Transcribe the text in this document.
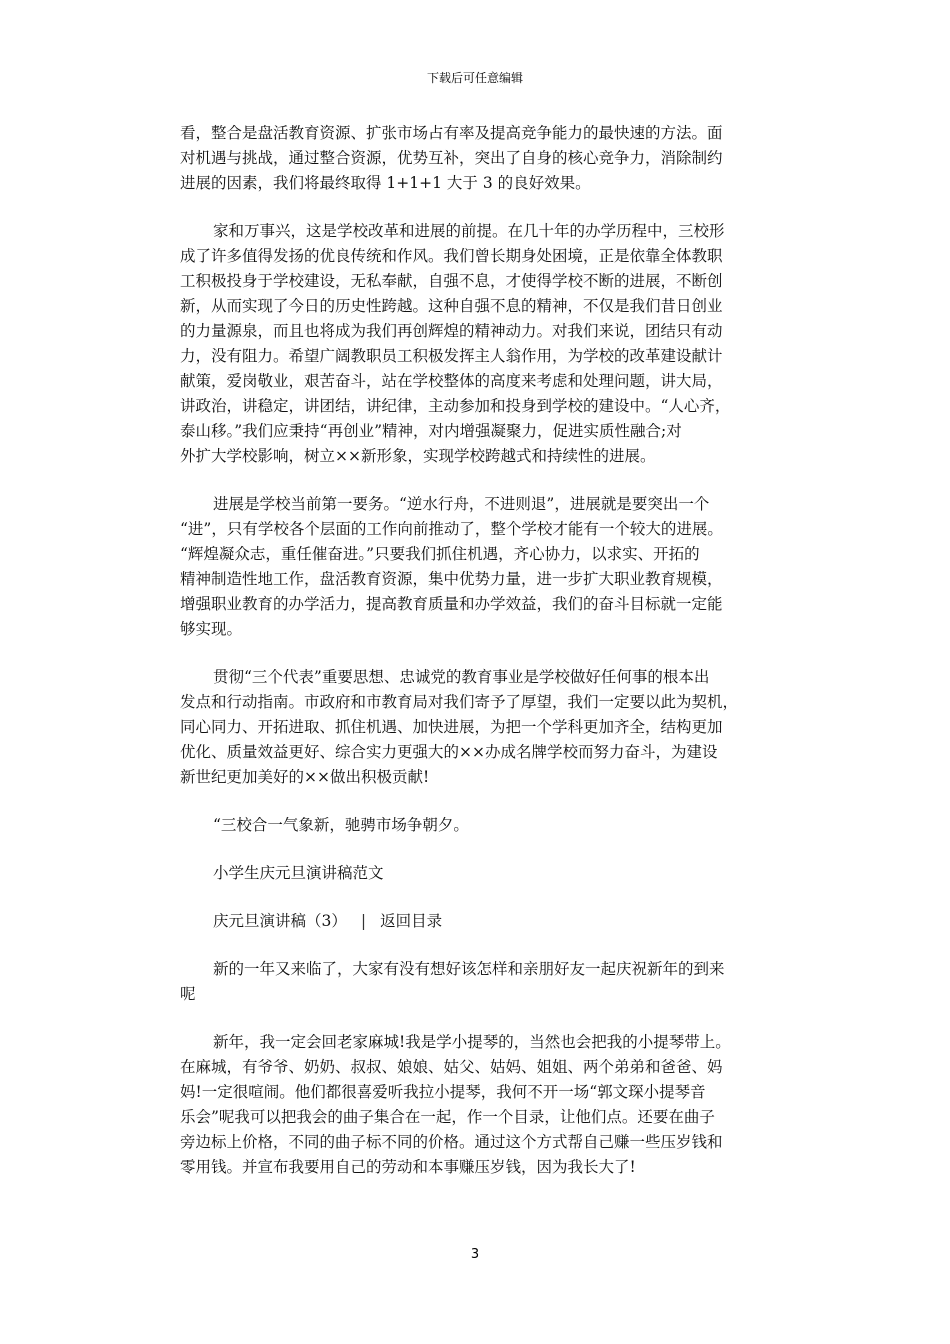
下载后可任意编辑
看，整合是盘活教育资源、扩张市场占有率及提高竞争能力的最快速的方法。面
对机遇与挑战，通过整合资源，优势互补，突出了自身的核心竞争力，消除制约
进展的因素，我们将最终取得 1+1+1 大于 3 的良好效果。
家和万事兴，这是学校改革和进展的前提。在几十年的办学历程中，三校形
成了许多值得发扬的优良传统和作风。我们曾长期身处困境，正是依靠全体教职
工积极投身于学校建设，无私奉献，自强不息，才使得学校不断的进展，不断创
新，从而实现了今日的历史性跨越。这种自强不息的精神，不仅是我们昔日创业
的力量源泉，而且也将成为我们再创辉煌的精神动力。对我们来说，团结只有动
力，没有阻力。希望广阔教职员工积极发挥主人翁作用，为学校的改革建设献计
献策，爱岗敬业，艰苦奋斗，站在学校整体的高度来考虑和处理问题，讲大局，
讲政治，讲稳定，讲团结，讲纪律，主动参加和投身到学校的建设中。“人心齐，
泰山移。”我们应秉持“再创业”精神，对内增强凝聚力，促进实质性融合;对
外扩大学校影响，树立××新形象，实现学校跨越式和持续性的进展。
进展是学校当前第一要务。“逆水行舟，不进则退”，进展就是要突出一个
“进”，只有学校各个层面的工作向前推动了，整个学校才能有一个较大的进展。
“辉煌凝众志，重任催奋进。”只要我们抓住机遇，齐心协力，以求实、开拓的
精神制造性地工作，盘活教育资源，集中优势力量，进一步扩大职业教育规模，
增强职业教育的办学活力，提高教育质量和办学效益，我们的奋斗目标就一定能
够实现。
贯彻“三个代表”重要思想、忠诚党的教育事业是学校做好任何事的根本出
发点和行动指南。市政府和市教育局对我们寄予了厚望，我们一定要以此为契机，
同心同力、开拓进取、抓住机遇、加快进展，为把一个学科更加齐全，结构更加
优化、质量效益更好、综合实力更强大的××办成名牌学校而努力奋斗，为建设
新世纪更加美好的××做出积极贡献!
“三校合一气象新，驰骋市场争朝夕。
小学生庆元旦演讲稿范文
庆元旦演讲稿（3） | 返回目录
新的一年又来临了，大家有没有想好该怎样和亲朋好友一起庆祝新年的到来
呢
新年，我一定会回老家麻城!我是学小提琴的，当然也会把我的小提琴带上。
在麻城，有爷爷、奶奶、叔叔、娘娘、姑父、姑妈、姐姐、两个弟弟和爸爸、妈
妈!一定很喧闹。他们都很喜爱听我拉小提琴，我何不开一场“郭文琛小提琴音
乐会”呢我可以把我会的曲子集合在一起，作一个目录，让他们点。还要在曲子
旁边标上价格，不同的曲子标不同的价格。通过这个方式帮自己赚一些压岁钱和
零用钱。并宣布我要用自己的劳动和本事赚压岁钱，因为我长大了!
3
